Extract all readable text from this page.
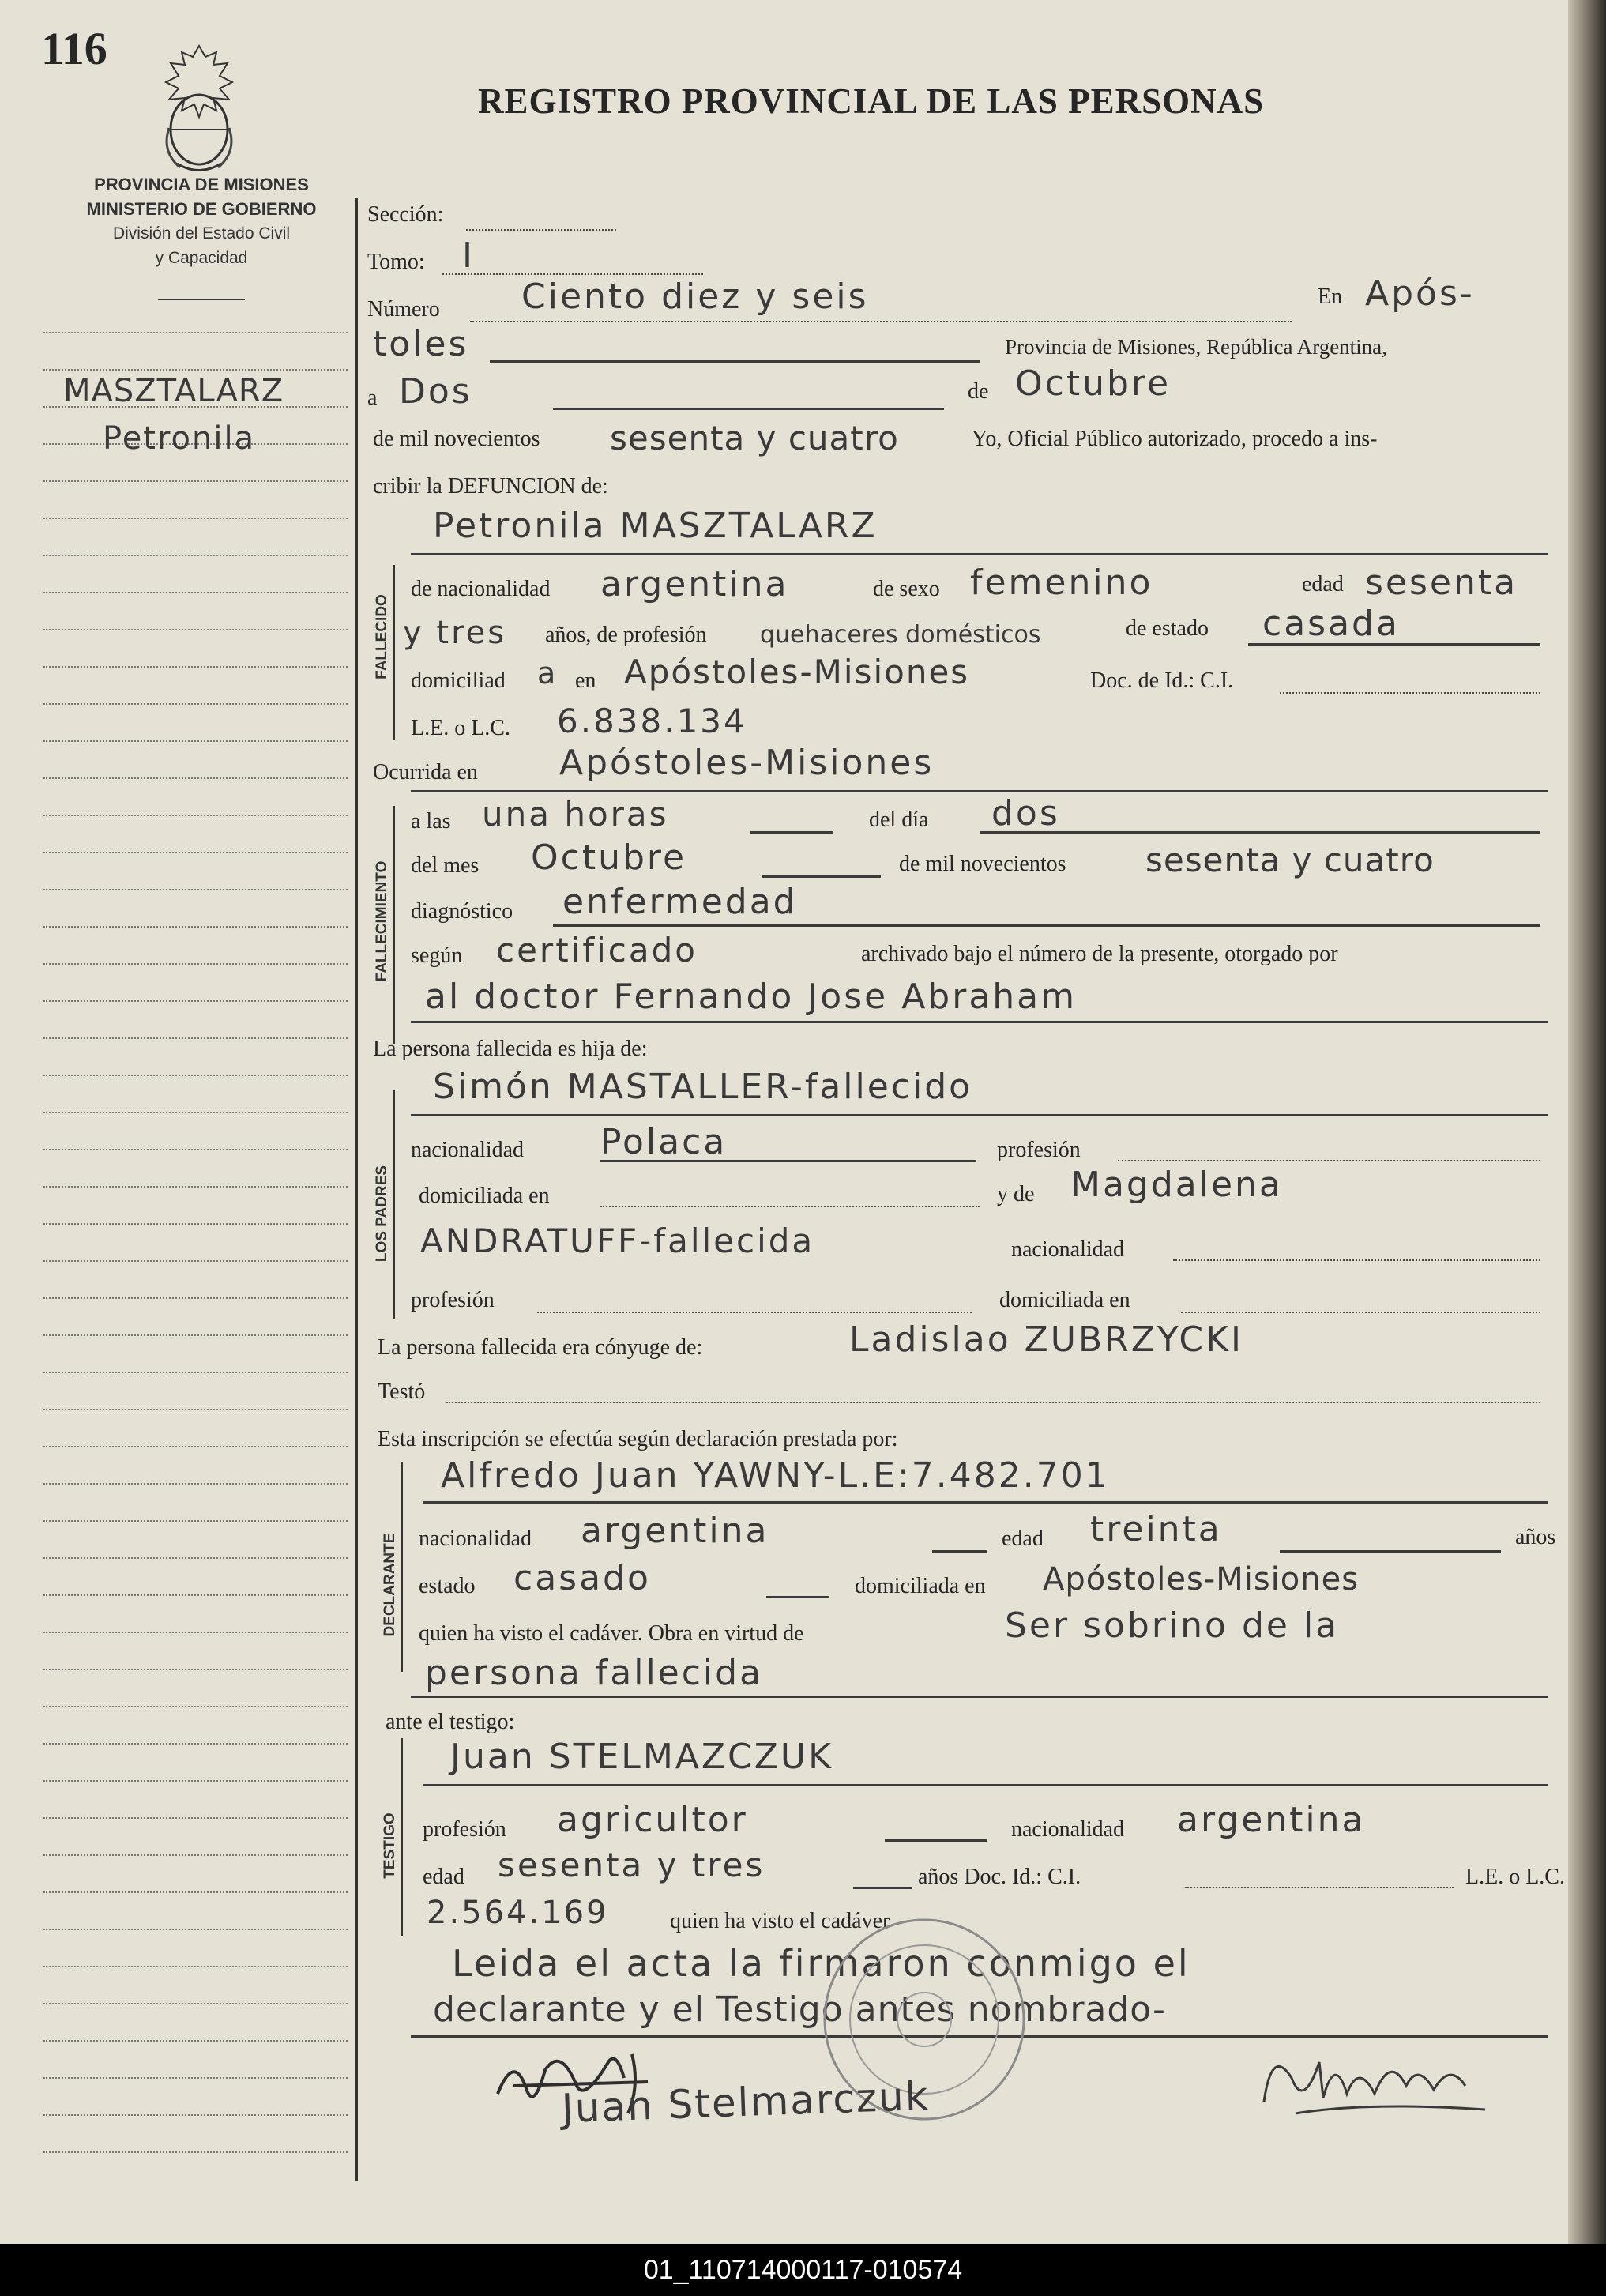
116
REGISTRO PROVINCIAL DE LAS PERSONAS
PROVINCIA DE MISIONES
MINISTERIO DE GOBIERNO
División del Estado Civil
y Capacidad
MASZTALARZ
Petronila
FALLECIDO
FALLECIMIENTO
LOS PADRES
DECLARANTE
TESTIGO
Sección:
Tomo: I
Número Ciento diez y seis	En Após-
toles	Provincia de Misiones, República Argentina,
a Dos	de Octubre
de mil novecientos sesenta y cuatro	Yo, Oficial Público autorizado, procedo a ins-
cribir la DEFUNCION de:
Petronila MASZTALARZ
de nacionalidad argentina	de sexo femenino	edad sesenta
y tres años, de profesión quehaceres domésticos	de estado casada
domiciliad a en Apóstoles-Misiones	Doc. de Id.: C.I.
L.E. o L.C. 6.838.134
Ocurrida en Apóstoles-Misiones
a las una horas	del día dos
del mes Octubre	de mil novecientos sesenta y cuatro
diagnóstico enfermedad
según certificado	archivado bajo el número de la presente, otorgado por
al doctor Fernando Jose Abraham
La persona fallecida es hija de:
Simón MASTALLER-fallecido
nacionalidad Polaca	profesión
domiciliada en	y de Magdalena
ANDRATUFF-fallecida	nacionalidad
profesión	domiciliada en
La persona fallecida era cónyuge de:	Ladislao ZUBRZYCKI
Testó
Esta inscripción se efectúa según declaración prestada por:
Alfredo Juan YAWNY-L.E:7.482.701
nacionalidad argentina	edad treinta	años
estado casado	domiciliada en Apóstoles-Misiones
quien ha visto el cadáver. Obra en virtud de	Ser sobrino de la
persona fallecida
ante el testigo:
Juan STELMAZCZUK
profesión agricultor	nacionalidad argentina
edad sesenta y tres	años Doc. Id.: C.I.	L.E. o L.C.
2.564.169	quien ha visto el cadáver
Leida el acta la firmaron conmigo el
declarante y el Testigo antes nombrado-
Juan Stelmarczuk
01_110714000117-010574
